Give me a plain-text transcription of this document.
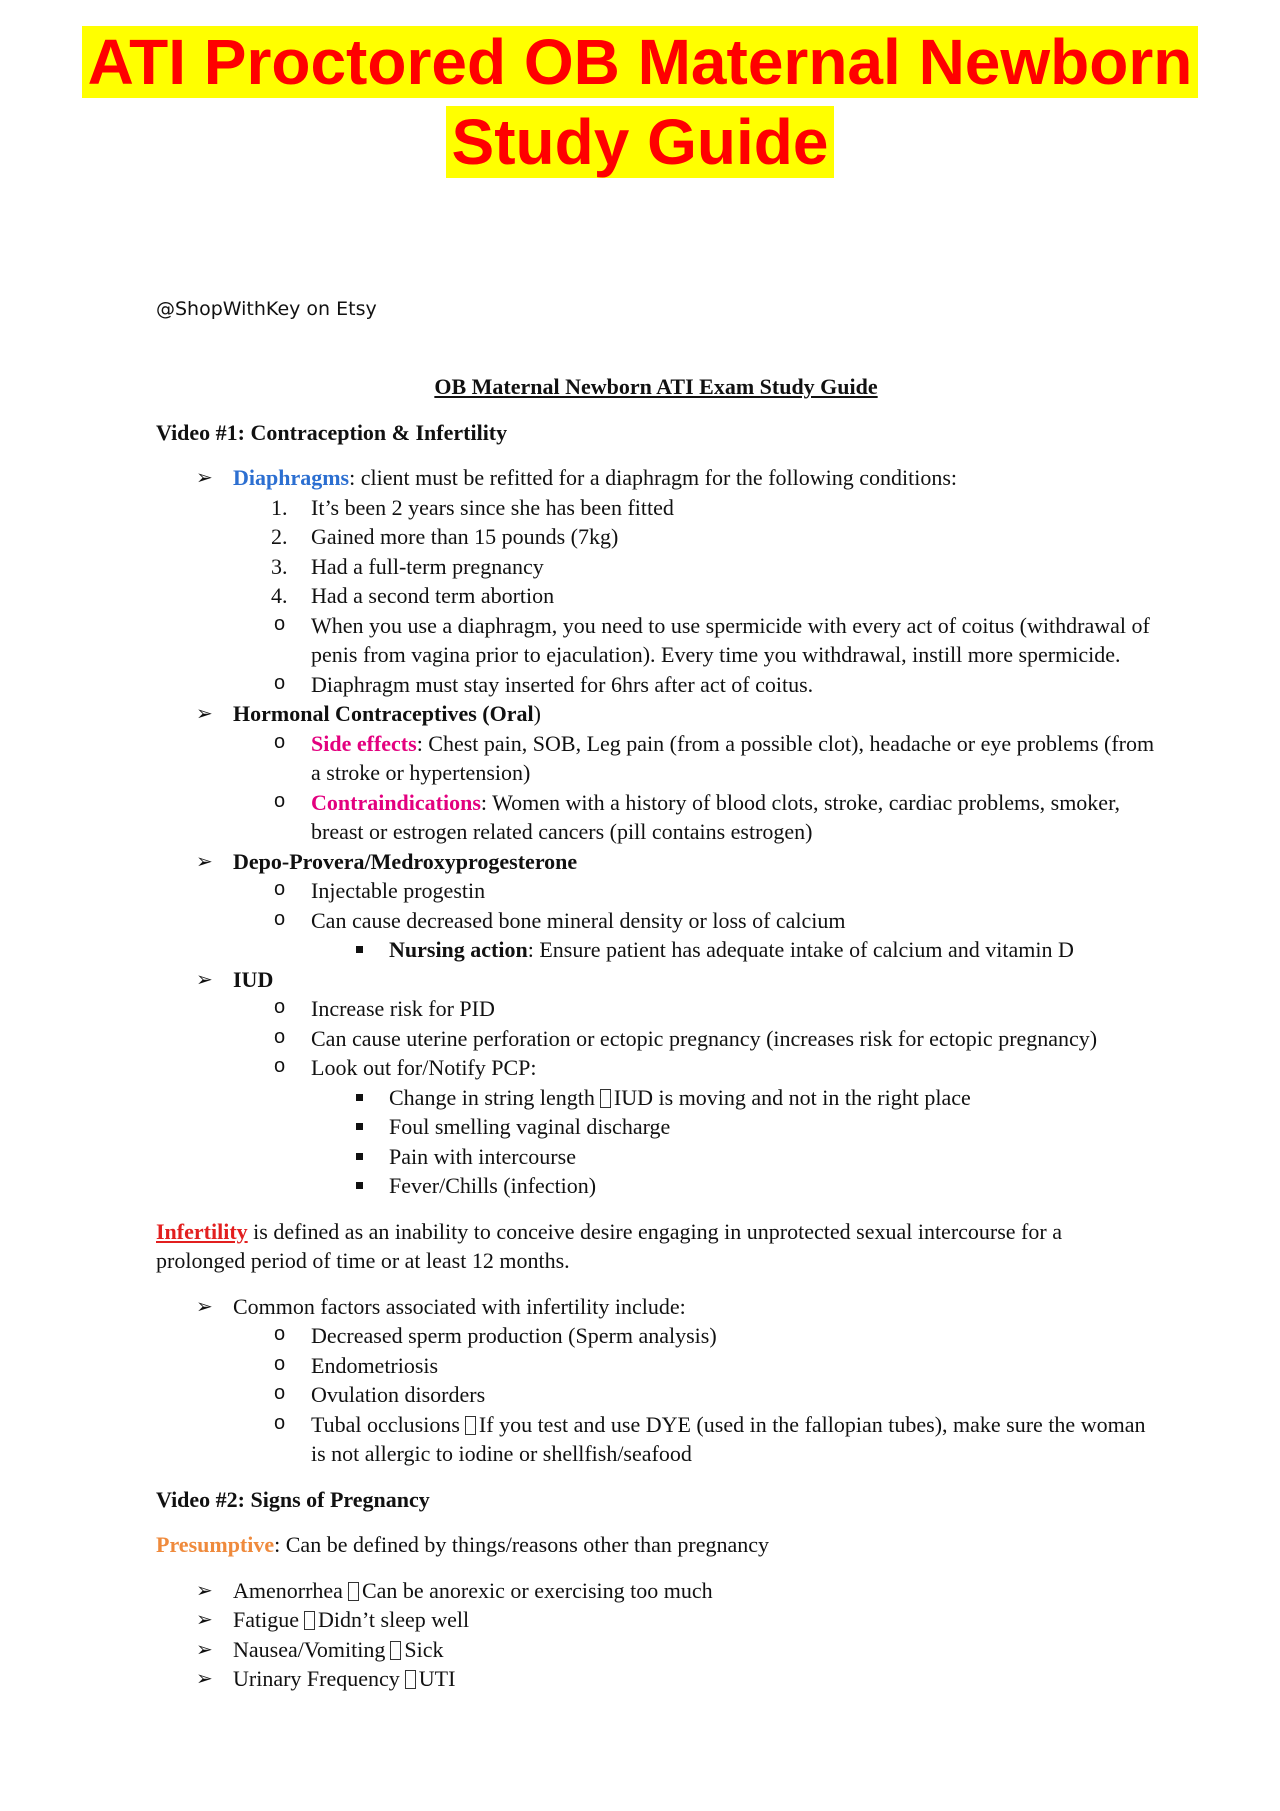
ATI Proctored OB Maternal Newborn
Study Guide
@ShopWithKey on Etsy
OB Maternal Newborn ATI Exam Study Guide
Video #1: Contraception & Infertility
➢ Diaphragms: client must be refitted for a diaphragm for the following conditions:
It’s been 2 years since she has been fitted
Gained more than 15 pounds (7kg)
Had a full-term pregnancy
Had a second term abortion
o When you use a diaphragm, you need to use spermicide with every act of coitus (withdrawal of penis from vagina prior to ejaculation). Every time you withdrawal, instill more spermicide.
o Diaphragm must stay inserted for 6hrs after act of coitus.
➢ Hormonal Contraceptives (Oral)
o Side effects: Chest pain, SOB, Leg pain (from a possible clot), headache or eye problems (from a stroke or hypertension)
o Contraindications: Women with a history of blood clots, stroke, cardiac problems, smoker, breast or estrogen related cancers (pill contains estrogen)
➢ Depo-Provera/Medroxyprogesterone
o Injectable progestin
o Can cause decreased bone mineral density or loss of calcium
Nursing action: Ensure patient has adequate intake of calcium and vitamin D
➢ IUD
o Increase risk for PID
o Can cause uterine perforation or ectopic pregnancy (increases risk for ectopic pregnancy)
o Look out for/Notify PCP:
Change in string length IUD is moving and not in the right place
Foul smelling vaginal discharge
Pain with intercourse
Fever/Chills (infection)
Infertility is defined as an inability to conceive desire engaging in unprotected sexual intercourse for a prolonged period of time or at least 12 months.
➢ Common factors associated with infertility include:
o Decreased sperm production (Sperm analysis)
o Endometriosis
o Ovulation disorders
o Tubal occlusions If you test and use DYE (used in the fallopian tubes), make sure the woman is not allergic to iodine or shellfish/seafood
Video #2: Signs of Pregnancy
Presumptive: Can be defined by things/reasons other than pregnancy
➢ Amenorrhea Can be anorexic or exercising too much
➢ Fatigue Didn’t sleep well
➢ Nausea/Vomiting Sick
➢ Urinary Frequency UTI
